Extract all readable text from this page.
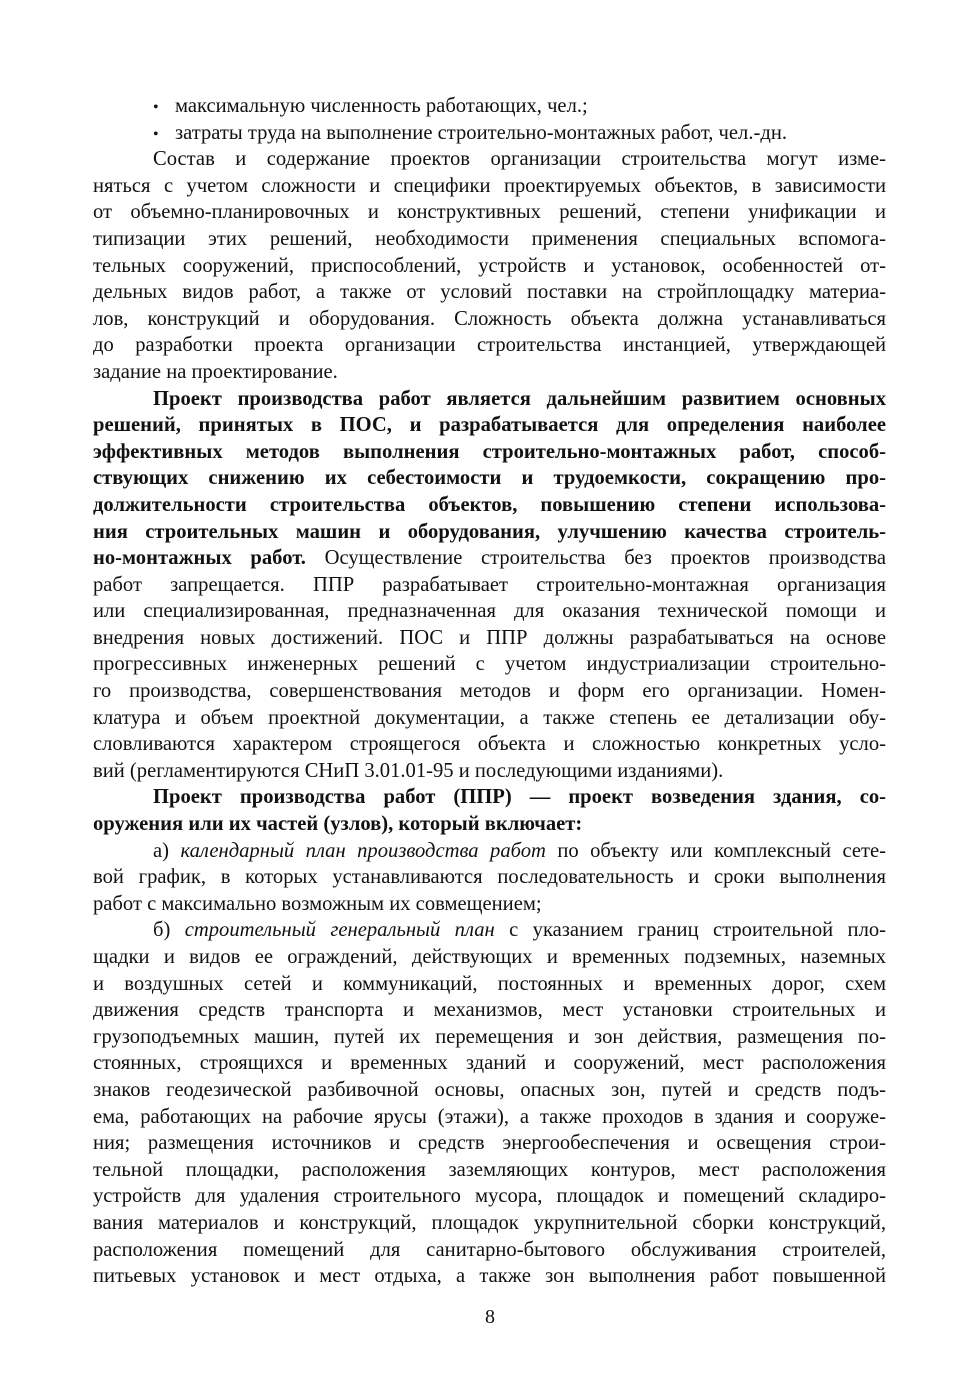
• максимальную численность работающих, чел.;
• затраты труда на выполнение строительно-монтажных работ, чел.-дн.
Состав и содержание проектов организации строительства могут изме-
няться с учетом сложности и специфики проектируемых объектов, в зависимости
от объемно-планировочных и конструктивных решений, степени унификации и
типизации этих решений, необходимости применения специальных вспомога-
тельных сооружений, приспособлений, устройств и установок, особенностей от-
дельных видов работ, а также от условий поставки на стройплощадку материа-
лов, конструкций и оборудования. Сложность объекта должна устанавливаться
до разработки проекта организации строительства инстанцией, утверждающей
задание на проектирование.
Проект производства работ является дальнейшим развитием основных
решений, принятых в ПОС, и разрабатывается для определения наиболее
эффективных методов выполнения строительно-монтажных работ, способ-
ствующих снижению их себестоимости и трудоемкости, сокращению про-
должительности строительства объектов, повышению степени использова-
ния строительных машин и оборудования, улучшению качества строитель-
но-монтажных работ. Осуществление строительства без проектов производства
работ запрещается. ППР разрабатывает строительно-монтажная организация
или специализированная, предназначенная для оказания технической помощи и
внедрения новых достижений. ПОС и ППР должны разрабатываться на основе
прогрессивных инженерных решений с учетом индустриализации строительно-
го производства, совершенствования методов и форм его организации. Номен-
клатура и объем проектной документации, а также степень ее детализации обу-
словливаются характером строящегося объекта и сложностью конкретных усло-
вий (регламентируются СНиП 3.01.01-95 и последующими изданиями).
Проект производства работ (ППР) — проект возведения здания, со-
оружения или их частей (узлов), который включает:
а) календарный план производства работ по объекту или комплексный сете-
вой график, в которых устанавливаются последовательность и сроки выполнения
работ с максимально возможным их совмещением;
б) строительный генеральный план с указанием границ строительной пло-
щадки и видов ее ограждений, действующих и временных подземных, наземных
и воздушных сетей и коммуникаций, постоянных и временных дорог, схем
движения средств транспорта и механизмов, мест установки строительных и
грузоподъемных машин, путей их перемещения и зон действия, размещения по-
стоянных, строящихся и временных зданий и сооружений, мест расположения
знаков геодезической разбивочной основы, опасных зон, путей и средств подъ-
ема, работающих на рабочие ярусы (этажи), а также проходов в здания и сооруже-
ния; размещения источников и средств энергообеспечения и освещения строи-
тельной площадки, расположения заземляющих контуров, мест расположения
устройств для удаления строительного мусора, площадок и помещений складиро-
вания материалов и конструкций, площадок укрупнительной сборки конструкций,
расположения помещений для санитарно-бытового обслуживания строителей,
питьевых установок и мест отдыха, а также зон выполнения работ повышенной
8
